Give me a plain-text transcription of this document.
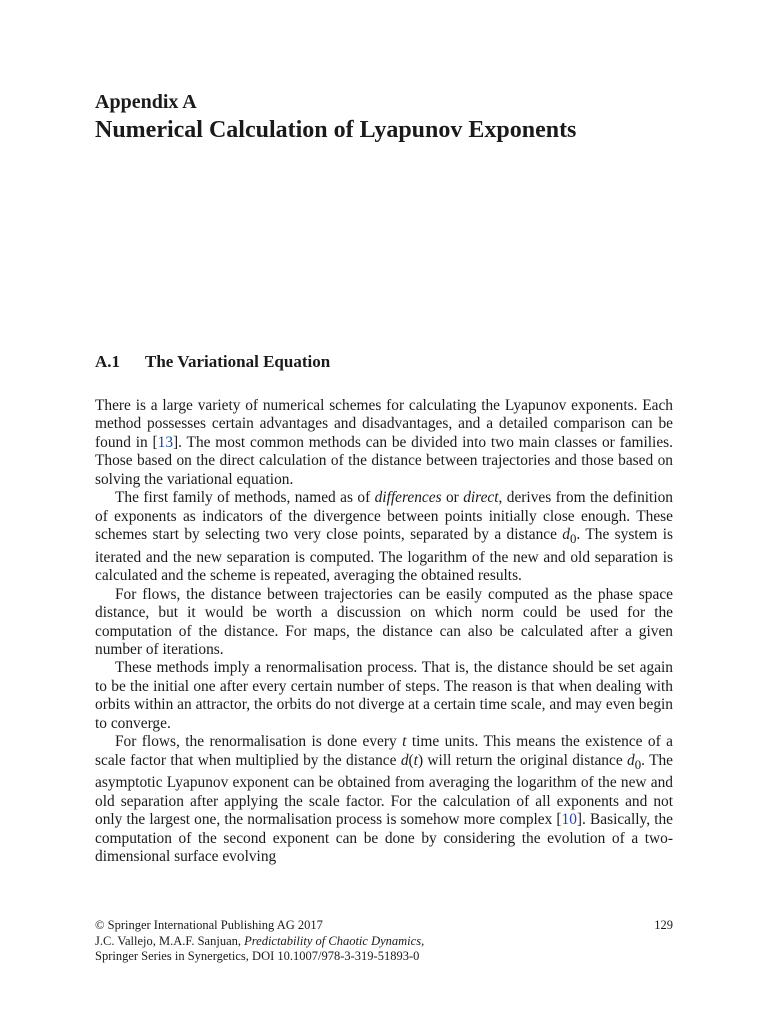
Appendix A
Numerical Calculation of Lyapunov Exponents
A.1 The Variational Equation

There is a large variety of numerical schemes for calculating the Lyapunov exponents. Each method possesses certain advantages and disadvantages, and a detailed comparison can be found in [13]. The most common methods can be divided into two main classes or families. Those based on the direct calculation of the distance between trajectories and those based on solving the variational equation.

The first family of methods, named as of differences or direct, derives from the definition of exponents as indicators of the divergence between points initially close enough. These schemes start by selecting two very close points, separated by a distance $d_0$. The system is iterated and the new separation is computed. The logarithm of the new and old separation is calculated and the scheme is repeated, averaging the obtained results.

For flows, the distance between trajectories can be easily computed as the phase space distance, but it would be worth a discussion on which norm could be used for the computation of the distance. For maps, the distance can also be calculated after a given number of iterations.

These methods imply a renormalisation process. That is, the distance should be set again to be the initial one after every certain number of steps. The reason is that when dealing with orbits within an attractor, the orbits do not diverge at a certain time scale, and may even begin to converge.

For flows, the renormalisation is done every t time units. This means the existence of a scale factor that when multiplied by the distance d(t) will return the original distance $d_0$. The asymptotic Lyapunov exponent can be obtained from averaging the logarithm of the new and old separation after applying the scale factor. For the calculation of all exponents and not only the largest one, the normalisation process is somehow more complex [10]. Basically, the computation of the second exponent can be done by considering the evolution of a two-dimensional surface evolving

© Springer International Publishing AG 2017
J.C. Vallejo, M.A.F. Sanjuan, Predictability of Chaotic Dynamics,
Springer Series in Synergetics, DOI 10.1007/978-3-319-51893-0
129
